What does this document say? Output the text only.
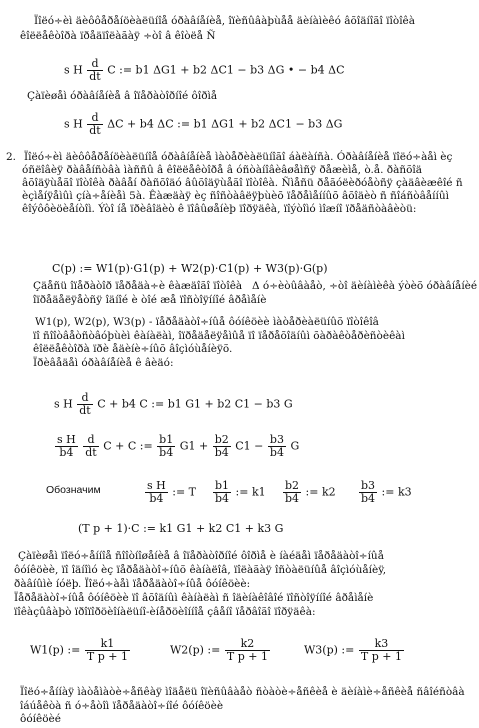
Ïîëó÷èì äèôôåðåíöèàëüíîå óðàâíåíèå, îïèñûâàþùåå äèíàìèêó âõîäíîãî ïîòîêà
êîëëåêòîðà ïðåäïîëàãàÿ ÷òî â êîòëå Ñ
s H $\frac{d}{dt}$ C := b1 ΔG1 + b2 ΔC1 − b3 ΔG • − b4 ΔC
Çàïèøåì óðàâíåíèå â îïåðàòîðíîé ôîðìå
s H $\frac{d}{dt}$ ΔC + b4 ΔC := b1 ΔG1 + b2 ΔC1 − b3 ΔG
2. Ïîëó÷èì äèôôåðåíöèàëüíîå óðàâíåíèå ìàòåðèàëüíîãî áàëàíñà. Óðàâíåíèå ïîëó÷àåì èç óñëîâèÿ ðàâåíñòâà ìàññû â êîëëåêòîðå â óñòàíîâèâøåìñÿ ðåæèìå, ò.å. ðàñõîä âõîäÿùåãî ïîòîêà ðàâåí ðàñõîäó âûõîäÿùåãî ïîòîêà. Ñìåñü ðåãóëèðóåòñÿ çàäâèæêîé ñ èçìåíÿåìûì çíà÷åíèåì 5à. Êàæäàÿ èç ñîñòàâëÿþùèõ ïåðåìåííûõ âõîäèò ñ ñîáñòâåííûì êîýôôèöèåíòîì. Ýòî íå ïðèâîäèò ê ïîâûøåíèþ ïîðÿäêà, ïîýòîìó ìîæíî ïðåäñòàâèòü:
C(p) := W1(p)·G1(p) + W2(p)·C1(p) + W3(p)·G(p)
Çäåñü îïåðàòîð ïåðåäà÷è êàæäîãî ïîòîêà Δ ó÷èòûâàåò, ÷òî äèíàìèêà ýòèõ óðàâíåíèé
îïðåäåëÿåòñÿ îäíîé è òîé æå ïîñòîÿííîé âðåìåíè
W1(p), W2(p), W3(p) - ïåðåäàòî÷íûå ôóíêöèè ìàòåðèàëüíûõ ïîòîêîâ
ïî ñîîòâåòñòâóþùèì êàíàëàì, îïðåäåëÿåìûå ïî ïåðåõîäíûì õàðàêòåðèñòèêàì
êîëëåêòîðà ïðè åäèíè÷íûõ âîçìóùåíèÿõ.
Ïðèâåäåì óðàâíåíèå ê âèäó:
s H $\frac{d}{dt}$ C + b4 C := b1 G1 + b2 C1 − b3 G
$\frac{\text{s H}}{b4}$
$\frac{d}{dt}$ C + C := $\frac{b1}{b4} G1 + \frac{b2}{b4} C1 - \frac{b3}{b4}$ G
Обозначим	$\frac{\text{s H}}{b4}$ := T $\frac{b1}{b4}$ := $k1 \frac{b2}{b4}$ := $k2 \frac{b3}{b4}$ := k3
(T p + 1)·C := k1 G1 + k2 C1 + k3 G
Çàïèøåì ïîëó÷åííîå ñîîòíîøåíèå â îïåðàòîðíîé ôîðìå è íàéäåì ïåðåäàòî÷íûå
ôóíêöèè, ïî îäíîìó èç ïåðåäàòî÷íûõ êàíàëîâ, ïîëàãàÿ îñòàëüíûå âîçìóùåíèÿ,
ðàâíûìè íóëþ. Ïîëó÷àåì ïåðåäàòî÷íûå ôóíêöèè:
Ïåðåäàòî÷íûå ôóíêöèè ïî âõîäíûì êàíàëàì ñ îäèíàêîâîé ïîñòîÿííîé âðåìåíè
ïîêàçûâàþò ïðîïîðöèîíàëüíî-èíåðöèîííîå çâåíî ïåðâîãî ïîðÿäêà:
W1(p) := $\frac{k1}{\text{T p + 1}}$	W2(p) := $\frac{k2}{\text{T p + 1}}$	W3(p) := $\frac{k3}{\text{T p + 1}}$
Ïîëó÷åííàÿ ìàòåìàòè÷åñêàÿ ìîäåëü îïèñûâàåò ñòàòè÷åñêèå è äèíàìè÷åñêèå ñâîéñòâà
îáúåêòà ñ ó÷åòîì ïåðåäàòî÷íîé ôóíêöèè
ôóíêöèé
